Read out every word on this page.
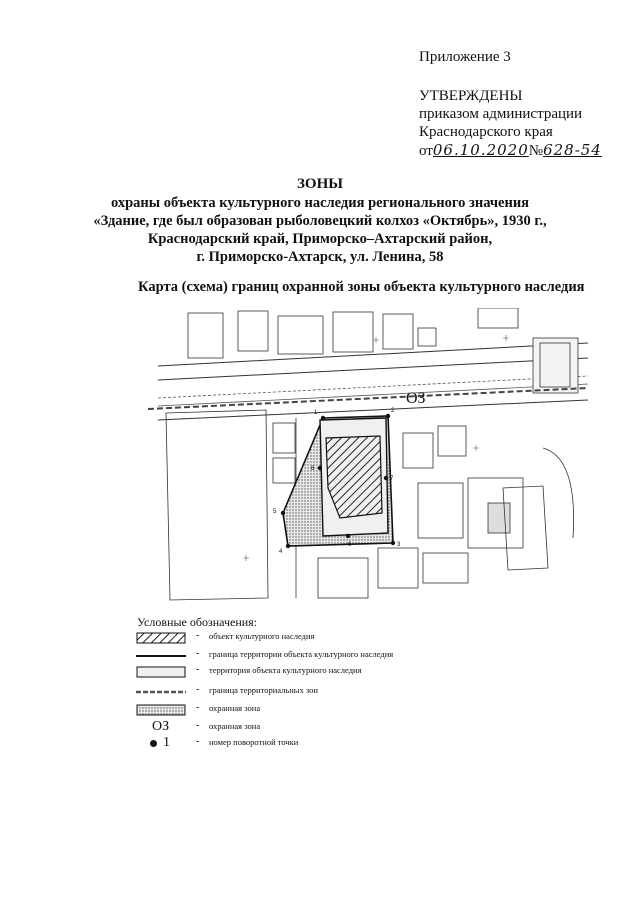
Приложение 3
УТВЕРЖДЕНЫ
приказом администрации
Краснодарского края
от06.10.2020№628-54
ЗОНЫ
охраны объекта культурного наследия регионального значения
«Здание, где был образован рыболовецкий колхоз «Октябрь», 1930 г.,
Краснодарский край, Приморско–Ахтарский район,
г. Приморско-Ахтарск, ул. Ленина, 58
Карта (схема) границ охранной зоны объекта культурного наследия
1	2
3
4
5
6
7
8
ОЗ
Условные обозначения:
- объект культурного наследия
- граница территории объекта культурного наследия
- территория объекта культурного наследия
- граница территориальных зон
- охранная зона
ОЗ	- охранная зона
1	- номер поворотной точки
